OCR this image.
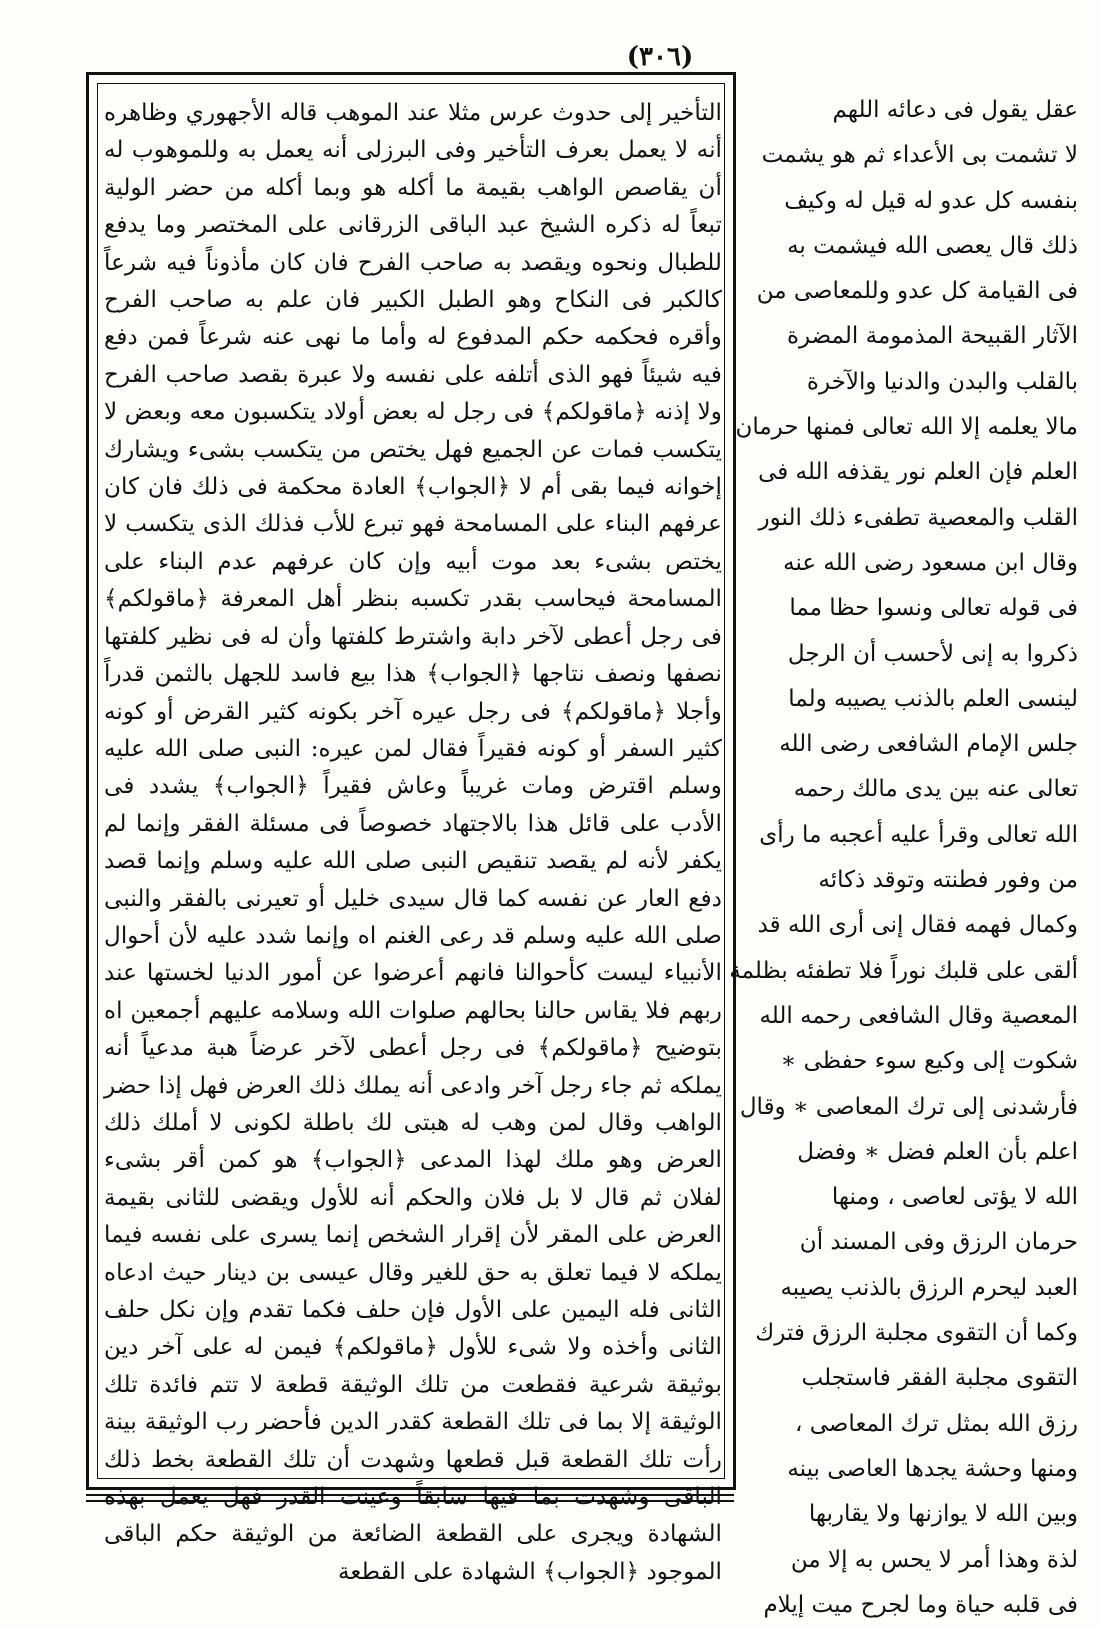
(٣٠٦)

التأخير إلى حدوث عرس مثلا عند الموهب قاله الأجهوري وظاهره أنه لا يعمل بعرف التأخير وفى البرزلى أنه يعمل به وللموهوب له أن يقاصص الواهب بقيمة ما أكله هو وبما أكله من حضر الولية تبعاً له ذكره الشيخ عبد الباقى الزرقانى على المختصر وما يدفع للطبال ونحوه ويقصد به صاحب الفرح فان كان مأذوناً فيه شرعاً كالكبر فى النكاح وهو الطبل الكبير فان علم به صاحب الفرح وأقره فحكمه حكم المدفوع له وأما ما نهى عنه شرعاً فمن دفع فيه شيئاً فهو الذى أتلفه على نفسه ولا عبرة بقصد صاحب الفرح ولا إذنه ﴿ماقولكم﴾ فى رجل له بعض أولاد يتكسبون معه وبعض لا يتكسب فمات عن الجميع فهل يختص من يتكسب بشىء ويشارك إخوانه فيما بقى أم لا ﴿الجواب﴾ العادة محكمة فى ذلك فان كان عرفهم البناء على المسامحة فهو تبرع للأب فذلك الذى يتكسب لا يختص بشىء بعد موت أبيه وإن كان عرفهم عدم البناء على المسامحة فيحاسب بقدر تكسبه بنظر أهل المعرفة ﴿ماقولكم﴾ فى رجل أعطى لآخر دابة واشترط كلفتها وأن له فى نظير كلفتها نصفها ونصف نتاجها ﴿الجواب﴾ هذا بيع فاسد للجهل بالثمن قدراً وأجلا ﴿ماقولكم﴾ فى رجل عيره آخر بكونه كثير القرض أو كونه كثير السفر أو كونه فقيراً فقال لمن عيره: النبى صلى الله عليه وسلم اقترض ومات غريباً وعاش فقيراً ﴿الجواب﴾ يشدد فى الأدب على قائل هذا بالاجتهاد خصوصاً فى مسئلة الفقر وإنما لم يكفر لأنه لم يقصد تنقيص النبى صلى الله عليه وسلم وإنما قصد دفع العار عن نفسه كما قال سيدى خليل أو تعيرنى بالفقر والنبى صلى الله عليه وسلم قد رعى الغنم اه وإنما شدد عليه لأن أحوال الأنبياء ليست كأحوالنا فانهم أعرضوا عن أمور الدنيا لخستها عند ربهم فلا يقاس حالنا بحالهم صلوات الله وسلامه عليهم أجمعين اه بتوضيح ﴿ماقولكم﴾ فى رجل أعطى لآخر عرضاً هبة مدعياً أنه يملكه ثم جاء رجل آخر وادعى أنه يملك ذلك العرض فهل إذا حضر الواهب وقال لمن وهب له هبتى لك باطلة لكونى لا أملك ذلك العرض وهو ملك لهذا المدعى ﴿الجواب﴾ هو كمن أقر بشىء لفلان ثم قال لا بل فلان والحكم أنه للأول ويقضى للثانى بقيمة العرض على المقر لأن إقرار الشخص إنما يسرى على نفسه فيما يملكه لا فيما تعلق به حق للغير وقال عيسى بن دينار حيث ادعاه الثانى فله اليمين على الأول فإن حلف فكما تقدم وإن نكل حلف الثانى وأخذه ولا شىء للأول ﴿ماقولكم﴾ فيمن له على آخر دين بوثيقة شرعية فقطعت من تلك الوثيقة قطعة لا تتم فائدة تلك الوثيقة إلا بما فى تلك القطعة كقدر الدين فأحضر رب الوثيقة بينة رأت تلك القطعة قبل قطعها وشهدت أن تلك القطعة بخط ذلك الباقى وشهدت بما فيها سابقاً وعينت القدر فهل يعمل بهذه الشهادة ويجرى على القطعة الضائعة من الوثيقة حكم الباقى الموجود ﴿الجواب﴾ الشهادة على القطعة

عقل يقول فى دعائه اللهم
لا تشمت بى الأعداء ثم هو يشمت
بنفسه كل عدو له قيل له وكيف
ذلك قال يعصى الله فيشمت به
فى القيامة كل عدو وللمعاصى من
الآثار القبيحة المذمومة المضرة
بالقلب والبدن والدنيا والآخرة
مالا يعلمه إلا الله تعالى فمنها حرمان
العلم فإن العلم نور يقذفه الله فى
القلب والمعصية تطفىء ذلك النور
وقال ابن مسعود رضى الله عنه
فى قوله تعالى ونسوا حظا مما
ذكروا به إنى لأحسب أن الرجل
لينسى العلم بالذنب يصيبه ولما
جلس الإمام الشافعى رضى الله
تعالى عنه بين يدى مالك رحمه
الله تعالى وقرأ عليه أعجبه ما رأى
من وفور فطنته وتوقد ذكائه
وكمال فهمه فقال إنى أرى الله قد
ألقى على قلبك نوراً فلا تطفئه بظلمة
المعصية وقال الشافعى رحمه الله
شكوت إلى وكيع سوء حفظى ∗
فأرشدنى إلى ترك المعاصى ∗ وقال
اعلم بأن العلم فضل ∗ وفضل
الله لا يؤتى لعاصى ، ومنها
حرمان الرزق وفى المسند أن
العبد ليحرم الرزق بالذنب يصيبه
وكما أن التقوى مجلبة الرزق فترك
التقوى مجلبة الفقر فاستجلب
رزق الله بمثل ترك المعاصى ،
ومنها وحشة يجدها العاصى بينه
وبين الله لا يوازنها ولا يقاربها
لذة وهذا أمر لا يحس به إلا من
فى قلبه حياة وما لجرح ميت إيلام
